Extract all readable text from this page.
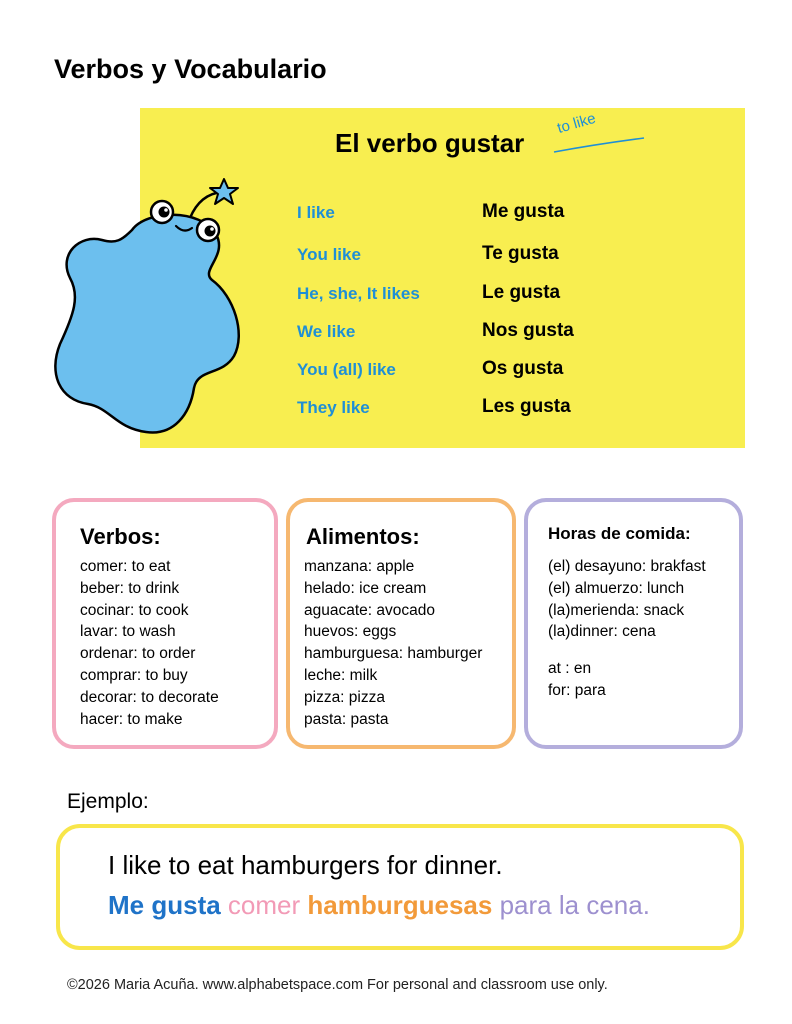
Verbos y Vocabulario
El verbo gustar
to like
I like	Me gusta
You like	Te gusta
He, she, It likes	Le gusta
We like	Nos gusta
You (all) like	Os gusta
They like	Les gusta
Verbos:
comer: to eat
beber: to drink
cocinar: to cook
lavar: to wash
ordenar: to order
comprar: to buy
decorar: to decorate
hacer: to make
Alimentos:
manzana: apple
helado: ice cream
aguacate: avocado
huevos: eggs
hamburguesa: hamburger
leche: milk
pizza: pizza
pasta: pasta
Horas de comida:
(el) desayuno: brakfast
(el) almuerzo: lunch
(la)merienda: snack
(la)dinner: cena
at : en
for: para
Ejemplo:
I like to eat hamburgers for dinner.
Me gusta comer hamburguesas para la cena.
©2026 Maria Acuña. www.alphabetspace.com For personal and classroom use only.
